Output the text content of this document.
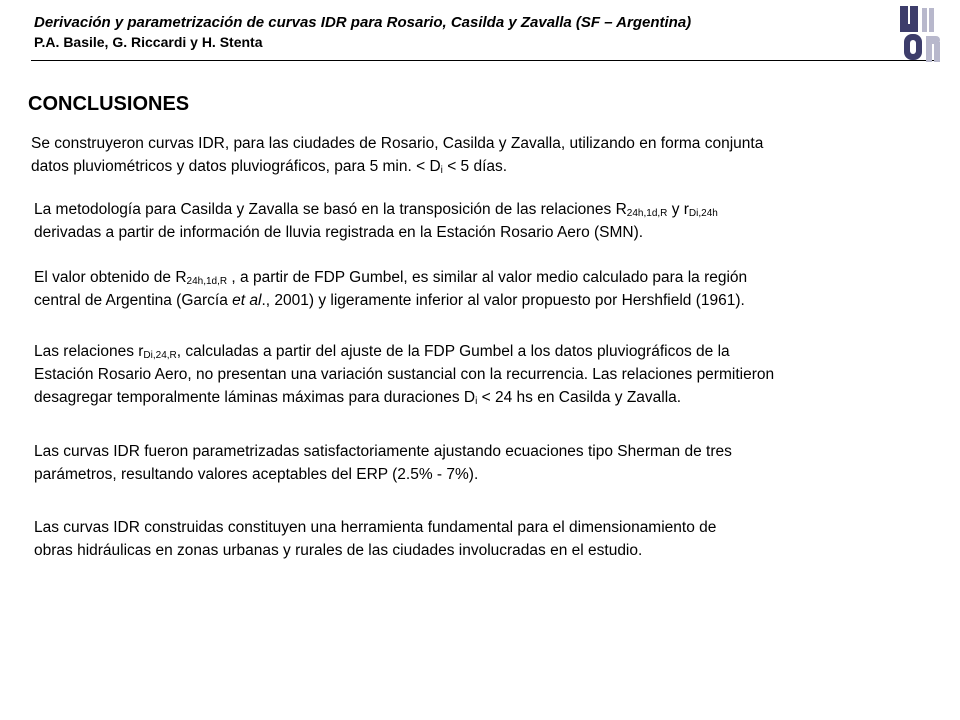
Derivación y parametrización de curvas IDR para Rosario, Casilda y Zavalla (SF – Argentina)
P.A. Basile, G. Riccardi y H. Stenta
CONCLUSIONES
Se construyeron curvas IDR, para las ciudades de Rosario, Casilda y Zavalla, utilizando en forma conjunta
datos pluviométricos y datos pluviográficos, para 5 min. < $D_i < 5$ días.
La metodología para Casilda y Zavalla se basó en la transposición de las relaciones $R_{24h,1d,R}$ y $r_{Di,24h}$
derivadas a partir de información de lluvia registrada en la Estación Rosario Aero (SMN).
El valor obtenido de $R_{24h,1d,R}$ , a partir de FDP Gumbel, es similar al valor medio calculado para la región
central de Argentina (García et al., 2001) y ligeramente inferior al valor propuesto por Hershfield (1961).
Las relaciones $r_{Di,24,R}$, calculadas a partir del ajuste de la FDP Gumbel a los datos pluviográficos de la
Estación Rosario Aero, no presentan una variación sustancial con la recurrencia. Las relaciones permitieron
desagregar temporalmente láminas máximas para duraciones $D_i < 24$ hs en Casilda y Zavalla.
Las curvas IDR fueron parametrizadas satisfactoriamente ajustando ecuaciones tipo Sherman de tres
parámetros, resultando valores aceptables del ERP (2.5% - 7%).
Las curvas IDR construidas constituyen una herramienta fundamental para el dimensionamiento de
obras hidráulicas en zonas urbanas y rurales de las ciudades involucradas en el estudio.
